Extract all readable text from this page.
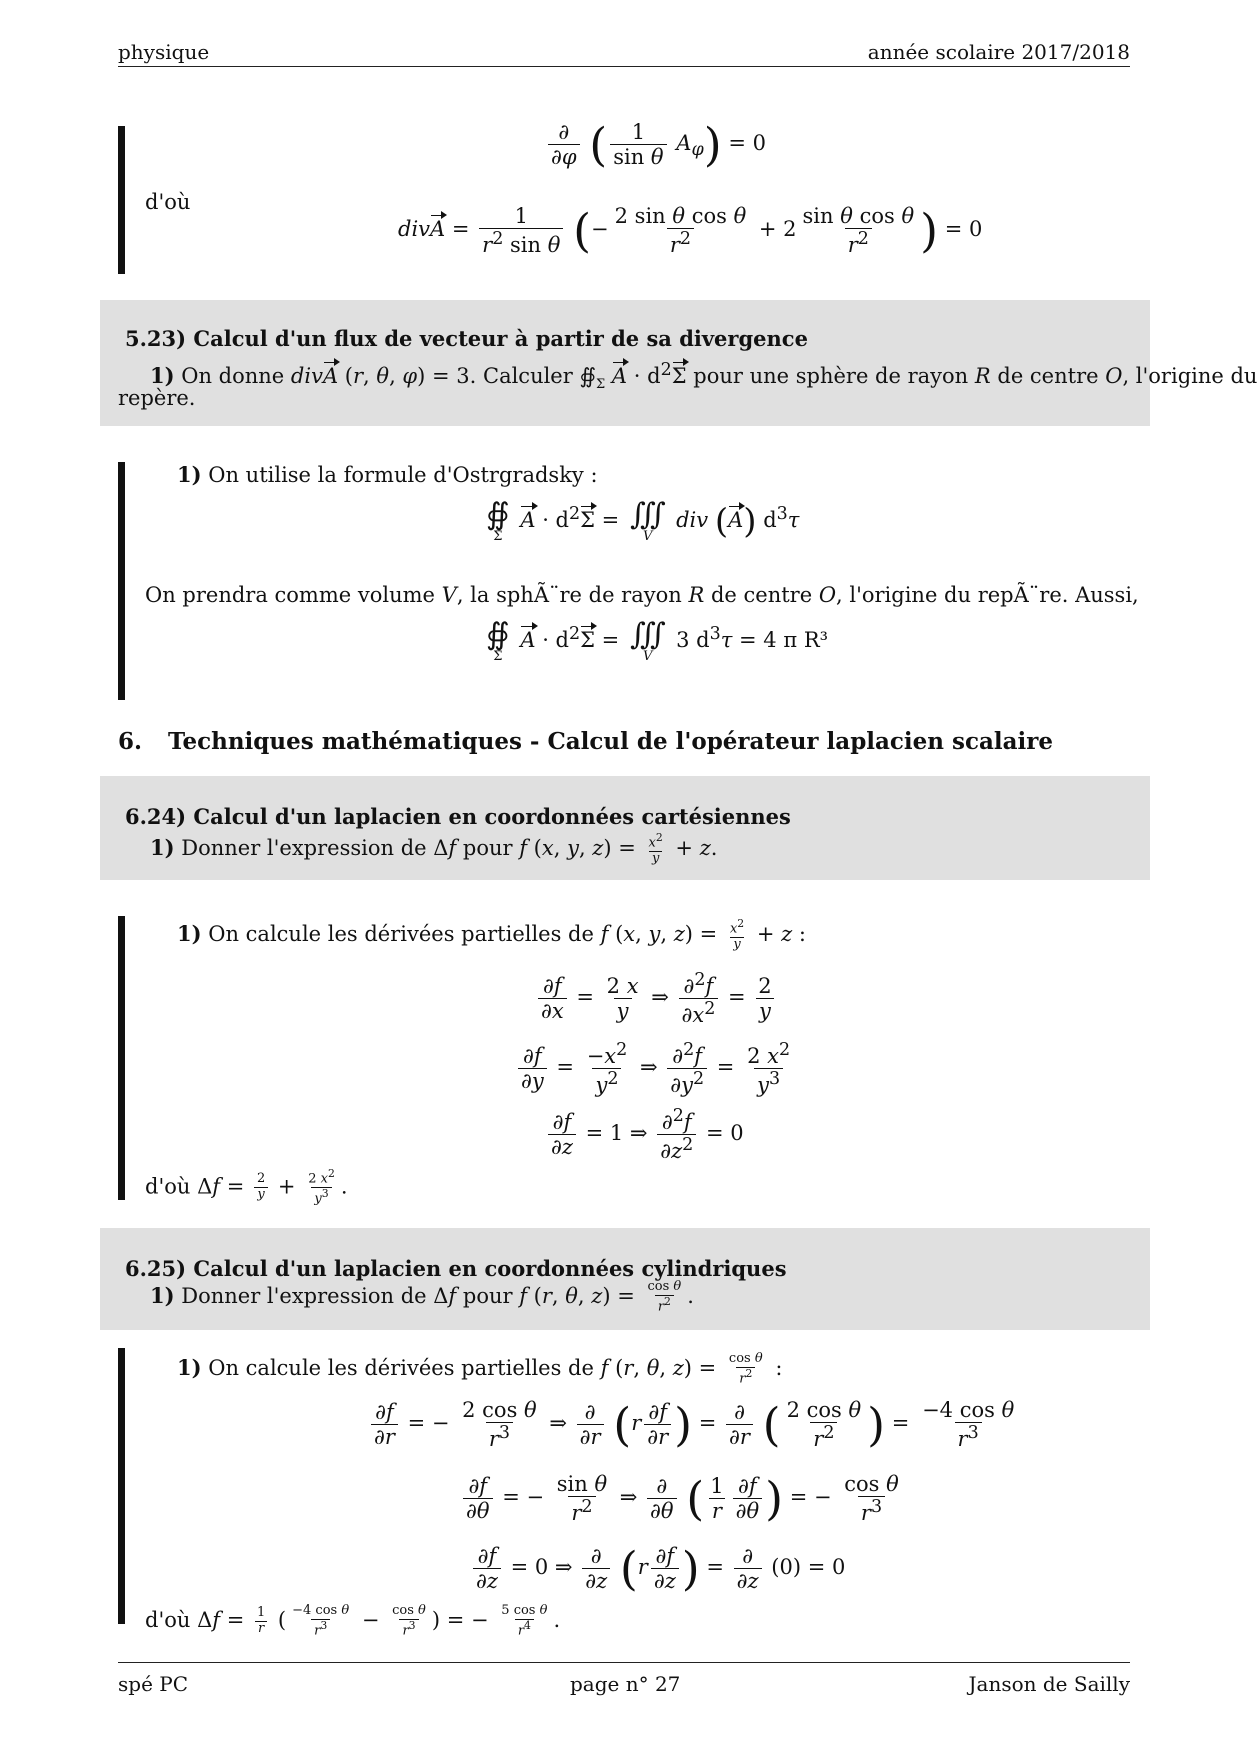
physique	année scolaire 2017/2018
$\frac{\partial}{\partial\varphi}$ ( $\frac{1}{\text{sin θ}} A_\varphi) = 0$
d'où
divA = $\frac{1}{r^2 \sin \theta}$ (− $\frac{\text{2 sin θ cos θ}}{r^2} + 2 \frac{\text{sin θ cos θ}}{r^2}$ ) = 0
5.23) Calcul d'un flux de vecteur à partir de sa divergence
1) On donne divA (r, θ, φ) = 3. Calculer $∯_\Sigma$ $A \cdot d^2\Sigma$ pour une sphère de rayon R de centre O, l'origine du
repère.
1) On utilise la formule d'Ostrgradsky :
∯
Σ
$A \cdot d^2\Sigma$ = ∭
V
div (A) $d^3\tau$
On prendra comme volume V, la sphÃ¨re de rayon R de centre O, l'origine du repÃ¨re. Aussi,
∯
Σ
$A \cdot d^2\Sigma$ = ∭
V
3 $d^3\tau = 4$ π R³
6. Techniques mathématiques - Calcul de l'opérateur laplacien scalaire
6.24) Calcul d'un laplacien en coordonnées cartésiennes
1) Donner l'expression de Δf pour f (x, y, $z) = \frac{x^2}{y} + z$.
1) On calcule les dérivées partielles de f (x, y, $z) = \frac{x^2}{y} + z$ :
$\frac{\partial f}{\partial x} = \frac{2 x}{y}$ ⇒ $\frac{\partial^2f}{\partial x^2} = \frac{2}{y}$
$\frac{\partial f}{\partial y} = \frac{-x^2}{y^2}$ ⇒ $\frac{\partial^2f}{\partial y^2} = \frac{2 x^2}{y^3}$
$\frac{\partial f}{\partial z} = 1$ ⇒ $\frac{\partial^2f}{\partial z^2} = 0$
d'où $\Delta f = \frac{2}{y} + \frac{2 x^2}{y^3}$ .
6.25) Calcul d'un laplacien en coordonnées cylindriques
1) Donner l'expression de Δf pour f (r, θ, $z) = \frac{\text{cos θ}}{r^2}$ .
1) On calcule les dérivées partielles de f (r, θ, $z) = \frac{\text{cos θ}}{r^2}$ :
$\frac{\partial f}{\partial r}$ = − $\frac{\text{2 cos θ}}{r^3}$ ⇒ $\frac{\partial}{\partial r} (r \frac{\partial f}{\partial r}$ ) = $\frac{\partial}{\partial r}$ ( $\frac{\text{2 cos θ}}{r^2}$ ) = $\frac{\text{−4 cos θ}}{r^3}$
$\frac{\partial f}{\partial\theta}$ = − $\frac{\text{sin θ}}{r^2}$ ⇒ $\frac{\partial}{\partial\theta}$ ( $\frac{1}{r} \frac{\partial f}{\partial\theta}$ ) = − $\frac{\text{cos θ}}{r^3}$
$\frac{\partial f}{\partial z} = 0$ ⇒ $\frac{\partial}{\partial z} (r \frac{\partial f}{\partial z}$ ) = $\frac{\partial}{\partial z} (0) = 0$
d'où $\Delta f = \frac{1}{r}$ ( $\frac{\text{−4 cos θ}}{r^3} - \frac{\text{cos θ}}{r^3}$ ) = − $\frac{\text{5 cos θ}}{r^4}$ .
spé PC	page n° 27	Janson de Sailly
